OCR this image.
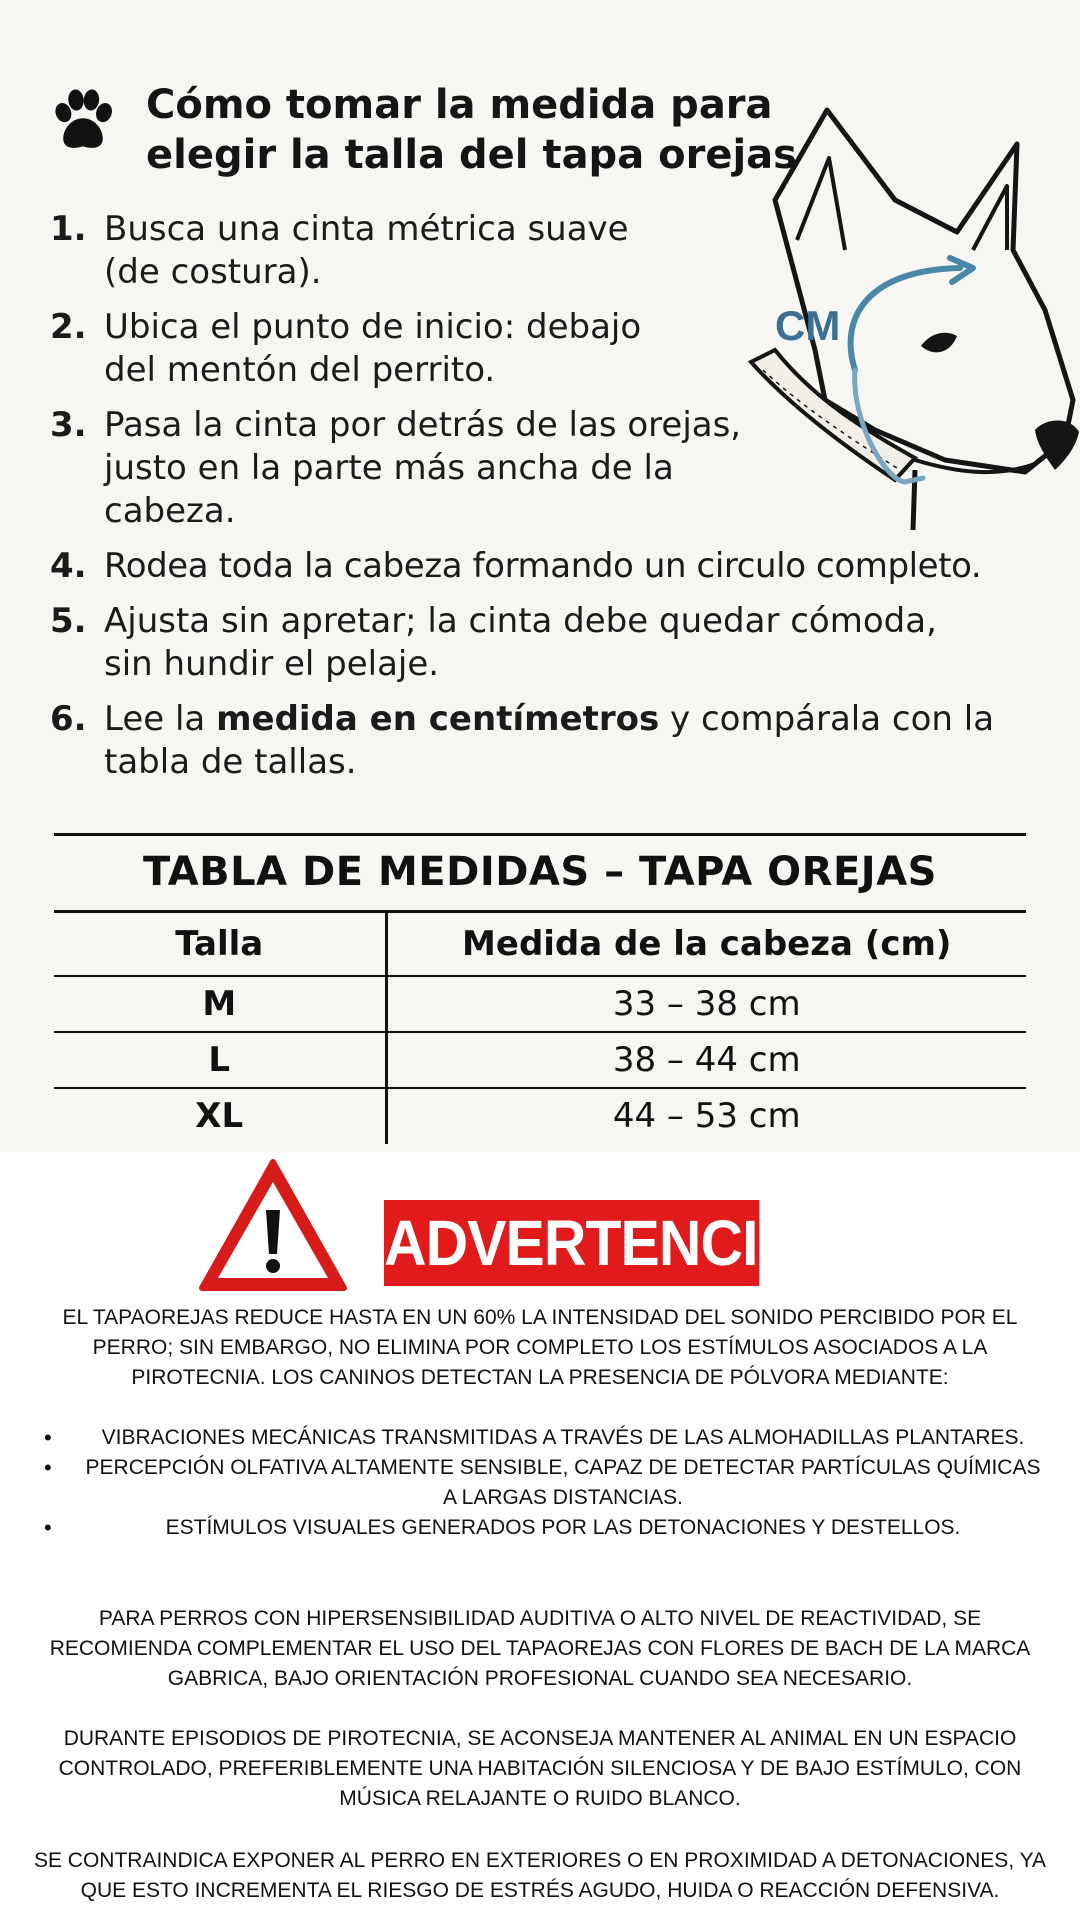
Cómo tomar la medida para elegir la talla del tapa orejas
1. Busca una cinta métrica suave (de costura).
2. Ubica el punto de inicio: debajo del mentón del perrito.
3. Pasa la cinta por detrás de las orejas, justo en la parte más ancha de la cabeza.
4. Rodea toda la cabeza formando un circulo completo.
5. Ajusta sin apretar; la cinta debe quedar cómoda, sin hundir el pelaje.
6. Lee la medida en centímetros y compárala con la tabla de tallas.
CM
TABLA DE MEDIDAS – TAPA OREJAS
Talla	Medida de la cabeza (cm)
M	33 – 38 cm
L	38 – 44 cm
XL	44 – 53 cm
ADVERTENCIA

EL TAPAOREJAS REDUCE HASTA EN UN 60% LA INTENSIDAD DEL SONIDO PERCIBIDO POR EL PERRO; SIN EMBARGO, NO ELIMINA POR COMPLETO LOS ESTÍMULOS ASOCIADOS A LA PIROTECNIA. LOS CANINOS DETECTAN LA PRESENCIA DE PÓLVORA MEDIANTE:

• VIBRACIONES MECÁNICAS TRANSMITIDAS A TRAVÉS DE LAS ALMOHADILLAS PLANTARES.
• PERCEPCIÓN OLFATIVA ALTAMENTE SENSIBLE, CAPAZ DE DETECTAR PARTÍCULAS QUÍMICAS A LARGAS DISTANCIAS.
• ESTÍMULOS VISUALES GENERADOS POR LAS DETONACIONES Y DESTELLOS.

PARA PERROS CON HIPERSENSIBILIDAD AUDITIVA O ALTO NIVEL DE REACTIVIDAD, SE RECOMIENDA COMPLEMENTAR EL USO DEL TAPAOREJAS CON FLORES DE BACH DE LA MARCA GABRICA, BAJO ORIENTACIÓN PROFESIONAL CUANDO SEA NECESARIO.

DURANTE EPISODIOS DE PIROTECNIA, SE ACONSEJA MANTENER AL ANIMAL EN UN ESPACIO CONTROLADO, PREFERIBLEMENTE UNA HABITACIÓN SILENCIOSA Y DE BAJO ESTÍMULO, CON MÚSICA RELAJANTE O RUIDO BLANCO.

SE CONTRAINDICA EXPONER AL PERRO EN EXTERIORES O EN PROXIMIDAD A DETONACIONES, YA QUE ESTO INCREMENTA EL RIESGO DE ESTRÉS AGUDO, HUIDA O REACCIÓN DEFENSIVA.
